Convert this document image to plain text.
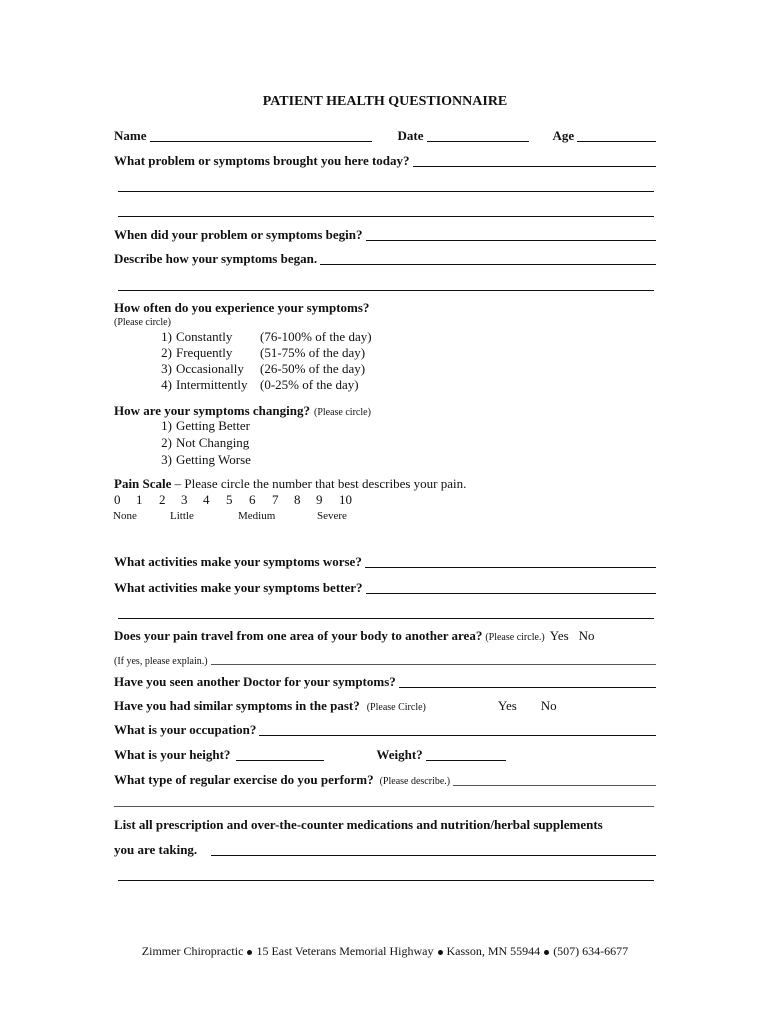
PATIENT HEALTH QUESTIONNAIRE
Name	Date	Age
What problem or symptoms brought you here today?
When did your problem or symptoms begin?
Describe how your symptoms began.
How often do you experience your symptoms?
(Please circle)
1) Constantly (76-100% of the day)
2) Frequently (51-75% of the day)
3) Occasionally (26-50% of the day)
4) Intermittently (0-25% of the day)
How are your symptoms changing? (Please circle)
1) Getting Better
2) Not Changing
3) Getting Worse
Pain Scale – Please circle the number that best describes your pain.
0 1 2 3 4 5 6 7 8 9 10
None	Little	Medium	Severe
What activities make your symptoms worse?
What activities make your symptoms better?
Does your pain travel from one area of your body to another area? (Please circle.) Yes No
(If yes, please explain.)
Have you seen another Doctor for your symptoms?
Have you had similar symptoms in the past? (Please Circle)	Yes No
What is your occupation?
What is your height?	Weight?
What type of regular exercise do you perform? (Please describe.)
List all prescription and over-the-counter medications and nutrition/herbal supplements
you are taking.
Zimmer Chiropractic 15 East Veterans Memorial Highway Kasson, MN 55944 (507) 634-6677
